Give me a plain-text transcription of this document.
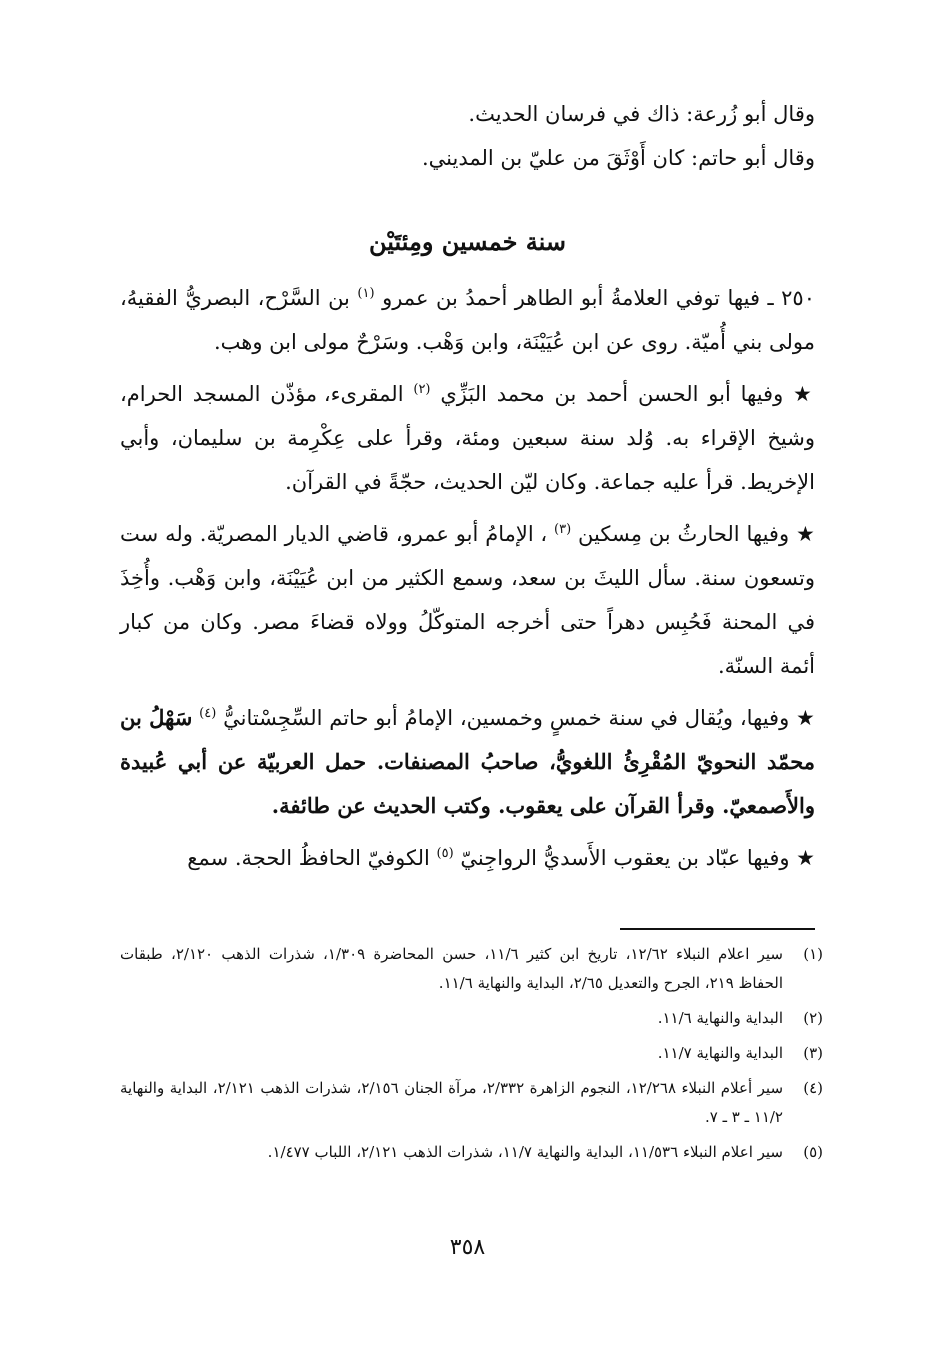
وقال أبو زُرعة: ذاك في فرسان الحديث.

وقال أبو حاتم: كان أَوْثَقَ من عليّ بن المديني.

سنة خمسين ومِئتَيْن

٢٥٠ ـ فيها توفي العلامةُ أبو الطاهر أحمدُ بن عمرو $^{(١)}$ بن السَّرْح، البصريُّ الفقيهُ، مولى بني أُميّة. روى عن ابن عُيَيْنَة، وابن وَهْب. وسَرْحٌ مولى ابن وهب.

★ وفيها أبو الحسن أحمد بن محمد البَزِّي $^{(٢)}$ المقرىء، مؤذّن المسجد الحرام، وشيخ الإقراء به. وُلد سنة سبعين ومئة، وقرأ على عِكْرِمة بن سليمان، وأبي الإخريط. قرأ عليه جماعة. وكان ليّن الحديث، حجّةً في القرآن.

★ وفيها الحارثُ بن مِسكين $^{(٣)}$ ، الإمامُ أبو عمرو، قاضي الديار المصريّة. وله ست وتسعون سنة. سأل الليثَ بن سعد، وسمع الكثير من ابن عُيَيْنَة، وابن وَهْب. وأُخِذَ في المحنة فَحُبِس دهراً حتى أخرجه المتوكّلُ وولاه قضاءَ مصر. وكان من كبار أئمة السنّة.

★ وفيها، ويُقال في سنة خمسٍ وخمسين، الإمامُ أبو حاتم السِّجِسْتانيُّ $^{(٤)}$ سَهْلُ بن محمّد النحويّ المُقْرِئُ اللغويُّ، صاحبُ المصنفات. حمل العربيّة عن أبي عُبيدة والأَصمعيّ. وقرأ القرآن على يعقوب. وكتب الحديث عن طائفة.

★ وفيها عبّاد بن يعقوب الأَسديُّ الرواجِنيّ $^{(٥)}$ الكوفيّ الحافظُ الحجة. سمع

(١)
سير اعلام النبلاء ١٢/٦٢، تاريخ ابن كثير ١١/٦، حسن المحاضرة ١/٣٠٩، شذرات الذهب ٢/١٢٠، طبقات الحفاظ ٢١٩، الجرح والتعديل ٢/٦٥، البداية والنهاية ١١/٦.
(٢)
البداية والنهاية ١١/٦.
(٣)
البداية والنهاية ١١/٧.
(٤)
سير أعلام النبلاء ١٢/٢٦٨، النجوم الزاهرة ٢/٣٣٢، مرآة الجنان ٢/١٥٦، شذرات الذهب ٢/١٢١، البداية والنهاية ١١/٢ ـ ٣ ـ ٧.
(٥)
سير اعلام النبلاء ١١/٥٣٦، البداية والنهاية ١١/٧، شذرات الذهب ٢/١٢١، اللباب ١/٤٧٧.
٣٥٨
